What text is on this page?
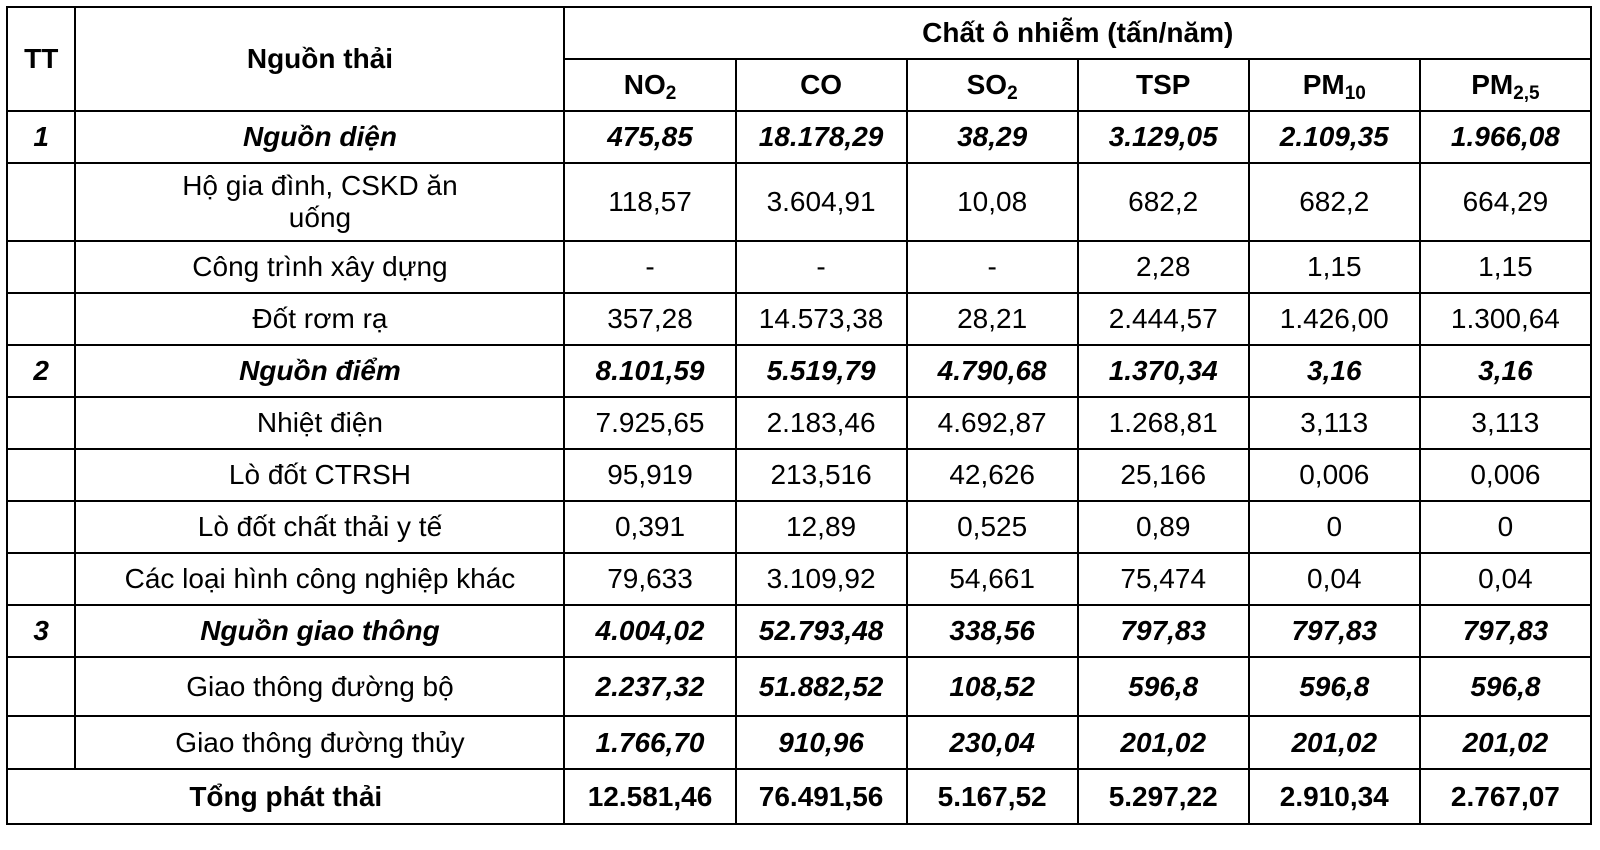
TT	Nguồn thải	Chất ô nhiễm (tấn/năm)					
		$NO_2$	CO	$SO_2$	TSP	$PM_{10}$	$PM_{2,5}$
1	Nguồn diện	475,85	18.178,29	38,29	3.129,05	2.109,35	1.966,08
	Hộ gia đình, CSKD ăn uống	118,57	3.604,91	10,08	682,2	682,2	664,29
	Công trình xây dựng	-	-	-	2,28	1,15	1,15
	Đốt rơm rạ	357,28	14.573,38	28,21	2.444,57	1.426,00	1.300,64
2	Nguồn điểm	8.101,59	5.519,79	4.790,68	1.370,34	3,16	3,16
	Nhiệt điện	7.925,65	2.183,46	4.692,87	1.268,81	3,113	3,113
	Lò đốt CTRSH	95,919	213,516	42,626	25,166	0,006	0,006
	Lò đốt chất thải y tế	0,391	12,89	0,525	0,89	0	0
	Các loại hình công nghiệp khác	79,633	3.109,92	54,661	75,474	0,04	0,04
3	Nguồn giao thông	4.004,02	52.793,48	338,56	797,83	797,83	797,83
	Giao thông đường bộ	2.237,32	51.882,52	108,52	596,8	596,8	596,8
	Giao thông đường thủy	1.766,70	910,96	230,04	201,02	201,02	201,02
Tổng phát thải		12.581,46	76.491,56	5.167,52	5.297,22	2.910,34	2.767,07
